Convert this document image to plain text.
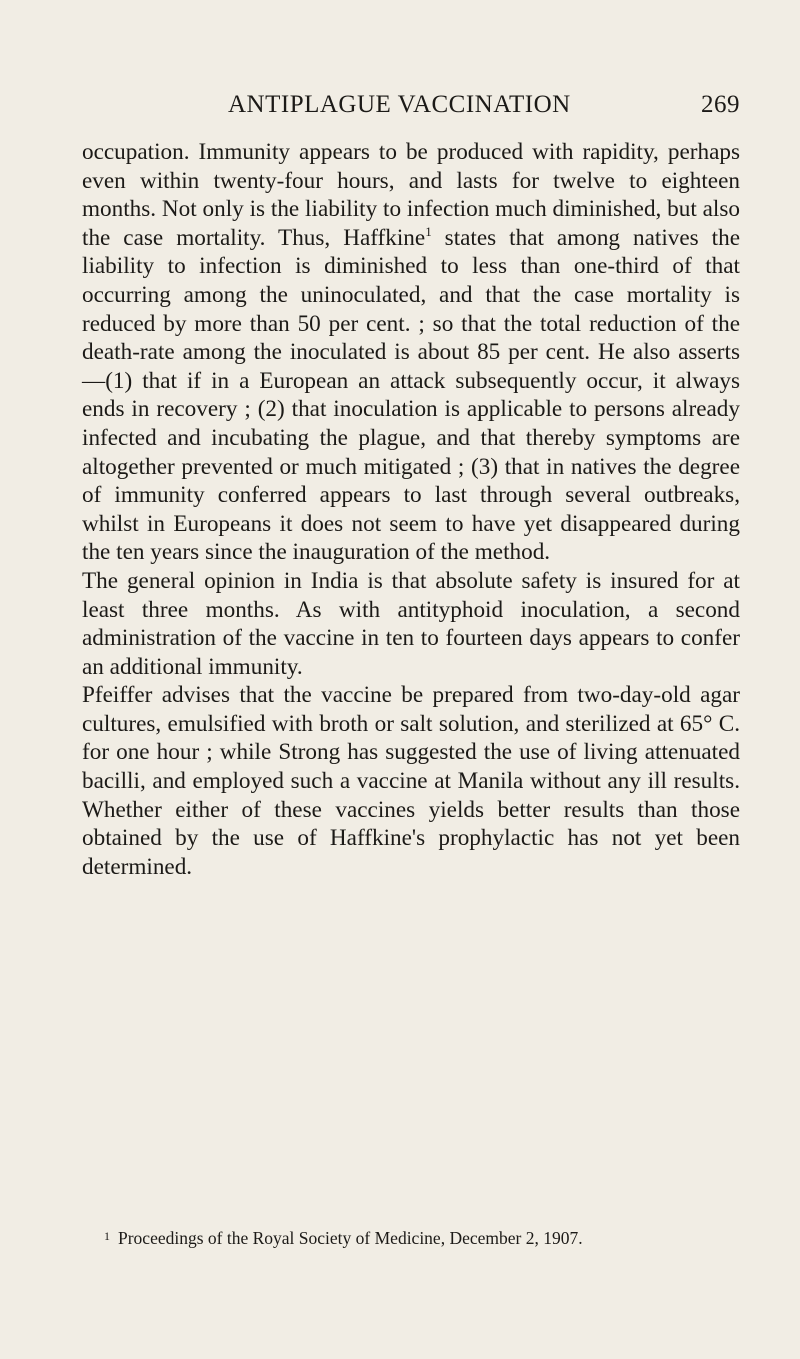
ANTIPLAGUE VACCINATION	269

occupation. Immunity appears to be produced with rapidity, perhaps even within twenty-four hours, and lasts for twelve to eighteen months. Not only is the liability to infection much diminished, but also the case mortality. Thus, Haffkine$^1$ states that among natives the liability to infection is diminished to less than one-third of that occurring among the uninoculated, and that the case mortality is reduced by more than 50 per cent. ; so that the total reduction of the death-rate among the inoculated is about 85 per cent. He also asserts—(1) that if in a European an attack subsequently occur, it always ends in recovery ; (2) that inoculation is applicable to persons already infected and incubating the plague, and that thereby symptoms are altogether prevented or much mitigated ; (3) that in natives the degree of immunity conferred appears to last through several outbreaks, whilst in Europeans it does not seem to have yet disappeared during the ten years since the inauguration of the method.

The general opinion in India is that absolute safety is insured for at least three months. As with antityphoid inoculation, a second administration of the vaccine in ten to fourteen days appears to confer an additional immunity.

Pfeiffer advises that the vaccine be prepared from two-day-old agar cultures, emulsified with broth or salt solution, and sterilized at 65° C. for one hour ; while Strong has suggested the use of living attenuated bacilli, and employed such a vaccine at Manila without any ill results. Whether either of these vaccines yields better results than those obtained by the use of Haffkine's prophylactic has not yet been determined.

$^1$ Proceedings of the Royal Society of Medicine, December 2, 1907.
